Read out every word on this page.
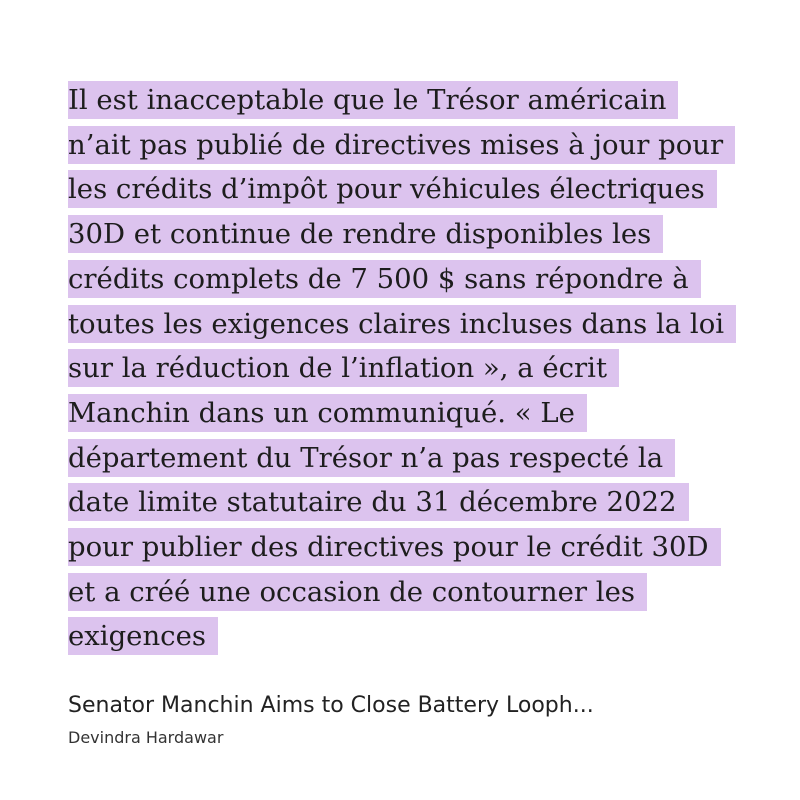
Il est inacceptable que le Trésor américain
n’ait pas publié de directives mises à jour pour
les crédits d’impôt pour véhicules électriques
30D et continue de rendre disponibles les
crédits complets de 7 500 $ sans répondre à
toutes les exigences claires incluses dans la loi
sur la réduction de l’inflation », a écrit
Manchin dans un communiqué. « Le
département du Trésor n’a pas respecté la
date limite statutaire du 31 décembre 2022
pour publier des directives pour le crédit 30D
et a créé une occasion de contourner les
exigences

Senator Manchin Aims to Close Battery Looph...
Devindra Hardawar
